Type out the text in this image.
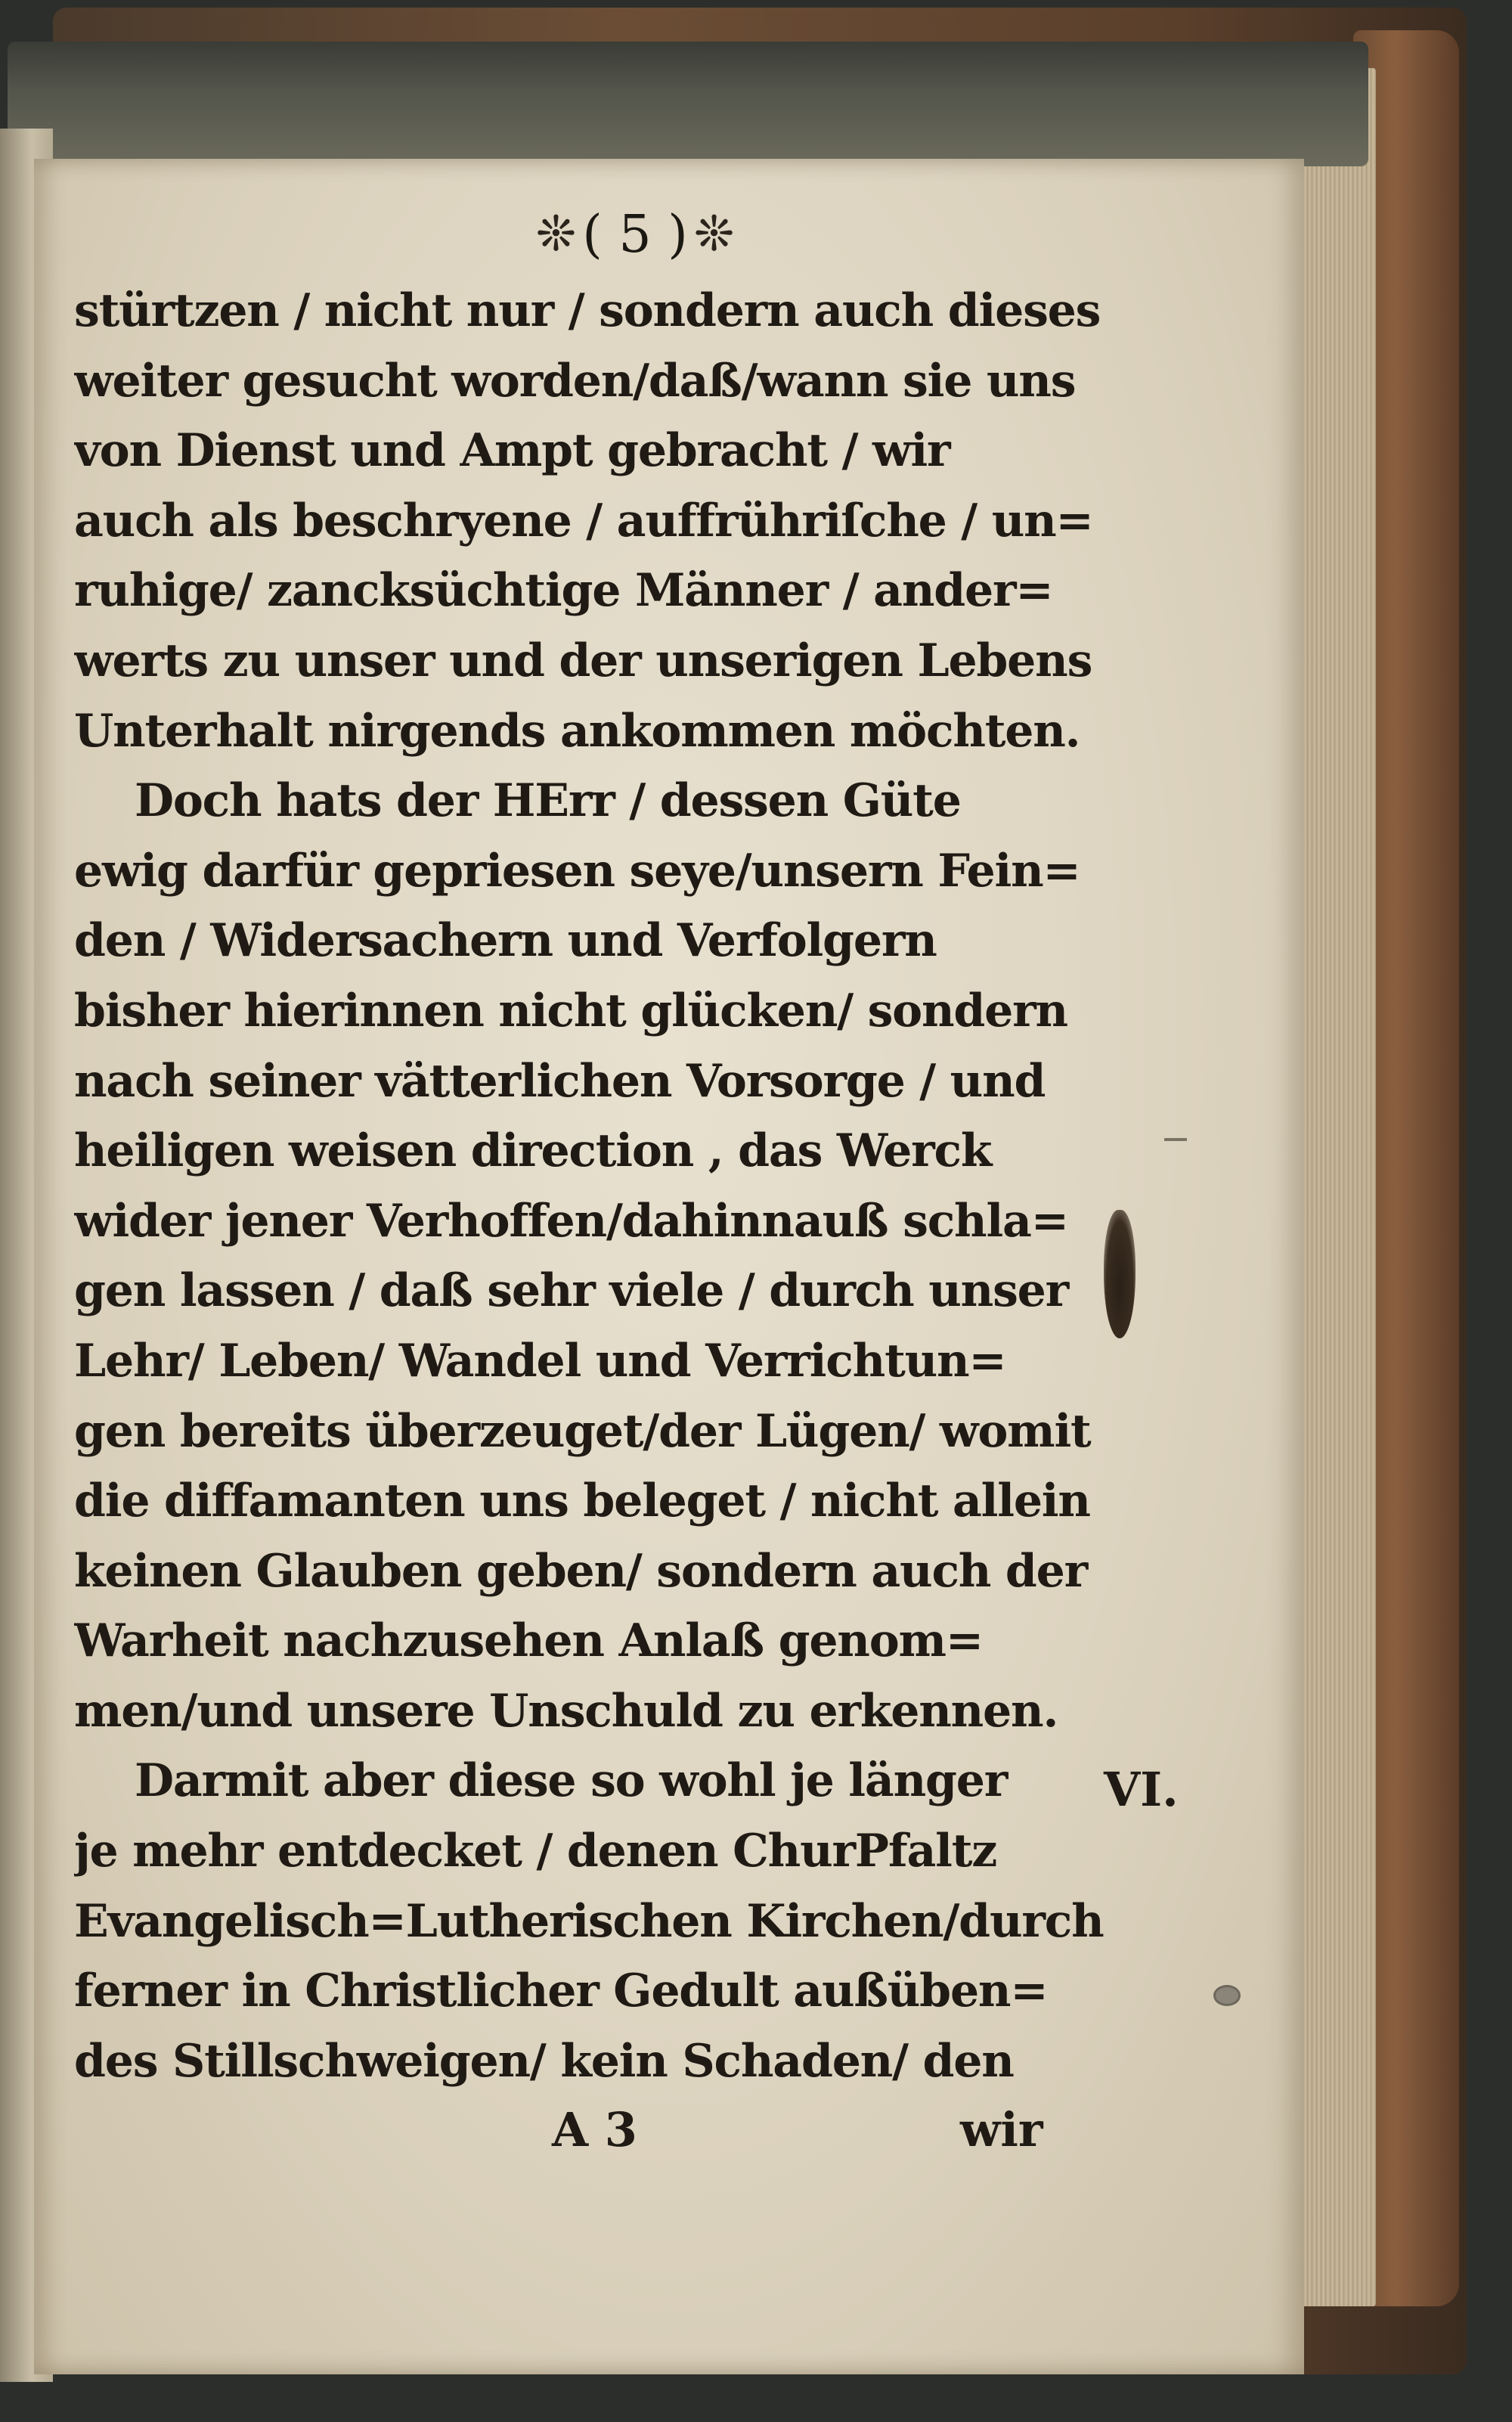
❊ ( 5 ) ❊
stürtzen / nicht nur / sondern auch dieses
weiter gesucht worden/daß/wann sie uns
von Dienst und Ampt gebracht / wir
auch als beschryene / auffrühriſche / un=
ruhige/ zancksüchtige Männer / ander=
werts zu unser und der unserigen Lebens
Unterhalt nirgends ankommen möchten.
Doch hats der HErr / dessen Güte
ewig darfür gepriesen seye/unsern Fein=
den / Widersachern und Verfolgern
bisher hierinnen nicht glücken/ sondern
nach seiner vätterlichen Vorsorge / und
heiligen weisen direction , das Werck
wider jener Verhoffen/dahinnauß schla=
gen lassen / daß sehr viele / durch unser
Lehr/ Leben/ Wandel und Verrichtun=
gen bereits überzeuget/der Lügen/ womit
die diffamanten uns beleget / nicht allein
keinen Glauben geben/ sondern auch der
Warheit nachzusehen Anlaß genom=
men/und unsere Unschuld zu erkennen.
Darmit aber diese so wohl je länger
je mehr entdecket / denen ChurPfaltz
Evangelisch=Lutherischen Kirchen/durch
ferner in Christlicher Gedult außüben=
des Stillschweigen/ kein Schaden/ den
VI.
A 3	wir
